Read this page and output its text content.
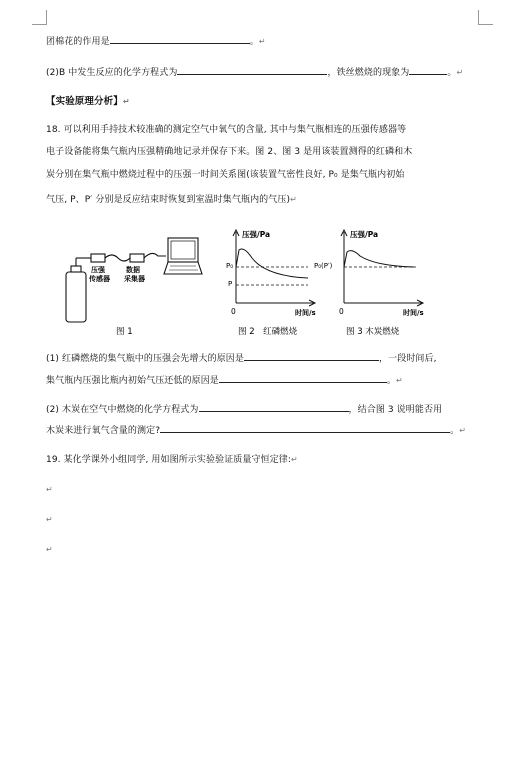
团棉花的作用是	。↵
(2)B 中发生反应的化学方程式为	，铁丝燃烧的现象为	。↵
【实验原理分析】↵
18. 可以利用手持技术较准确的测定空气中氧气的含量, 其中与集气瓶相连的压强传感器等
电子设备能将集气瓶内压强精确地记录并保存下来。图 2、图 3 是用该装置测得的红磷和木
炭分别在集气瓶中燃烧过程中的压强一时间关系图(该装置气密性良好, P₀ 是集气瓶内初始
气压, P、P′ 分别是反应结束时恢复到室温时集气瓶内的气压)↵
压强
传感器
数据
采集器
图 1
压强/Pa
P₀
P
0	时间/s
图 2　红磷燃烧
压强/Pa
P₀(P′)
0	时间/s
图 3 木炭燃烧
(1) 红磷燃烧的集气瓶中的压强会先增大的原因是	，一段时间后,
集气瓶内压强比瓶内初始气压还低的原因是	。↵
(2) 木炭在空气中燃烧的化学方程式为	，结合图 3 说明能否用
木炭来进行氧气含量的测定?	。↵
19. 某化学课外小组同学, 用如图所示实验验证质量守恒定律:↵
↵
↵
↵
